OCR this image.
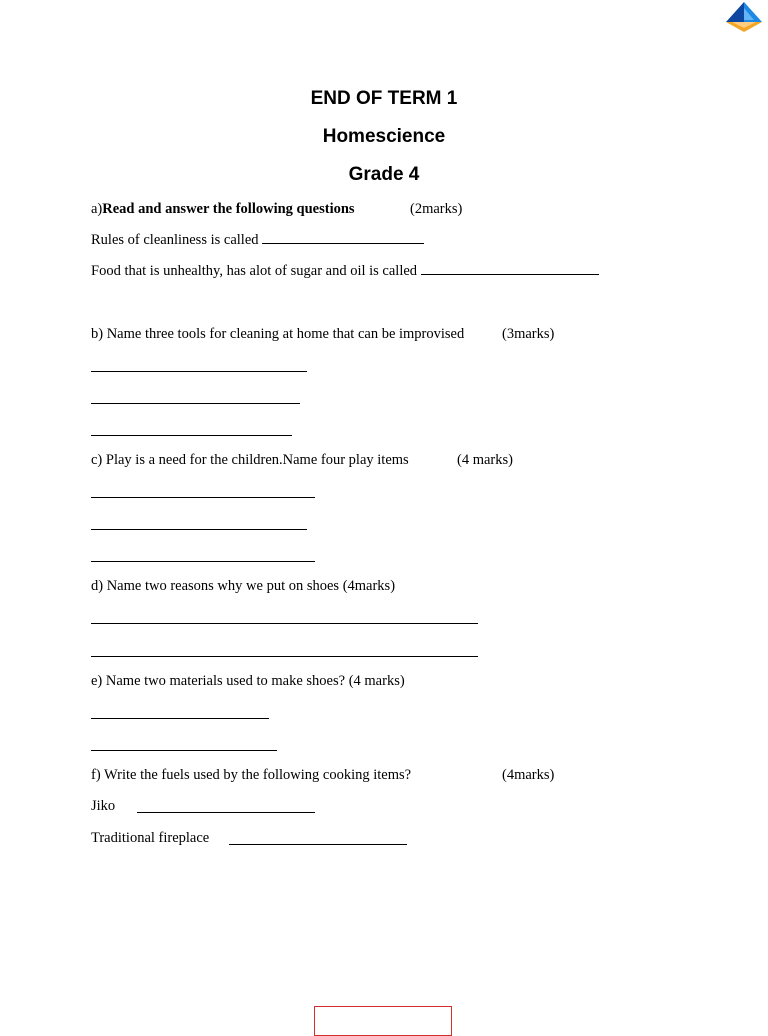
END OF TERM 1
Homescience
Grade 4
a)Read and answer the following questions	(2marks)
Rules of cleanliness is called
Food that is unhealthy, has alot of sugar and oil is called
b) Name three tools for cleaning at home that can be improvised	(3marks)
c) Play is a need for the children.Name four play items	(4 marks)
d) Name two reasons why we put on shoes (4marks)
e) Name two materials used to make shoes? (4 marks)
f) Write the fuels used by the following cooking items?	(4marks)
Jiko
Traditional fireplace
